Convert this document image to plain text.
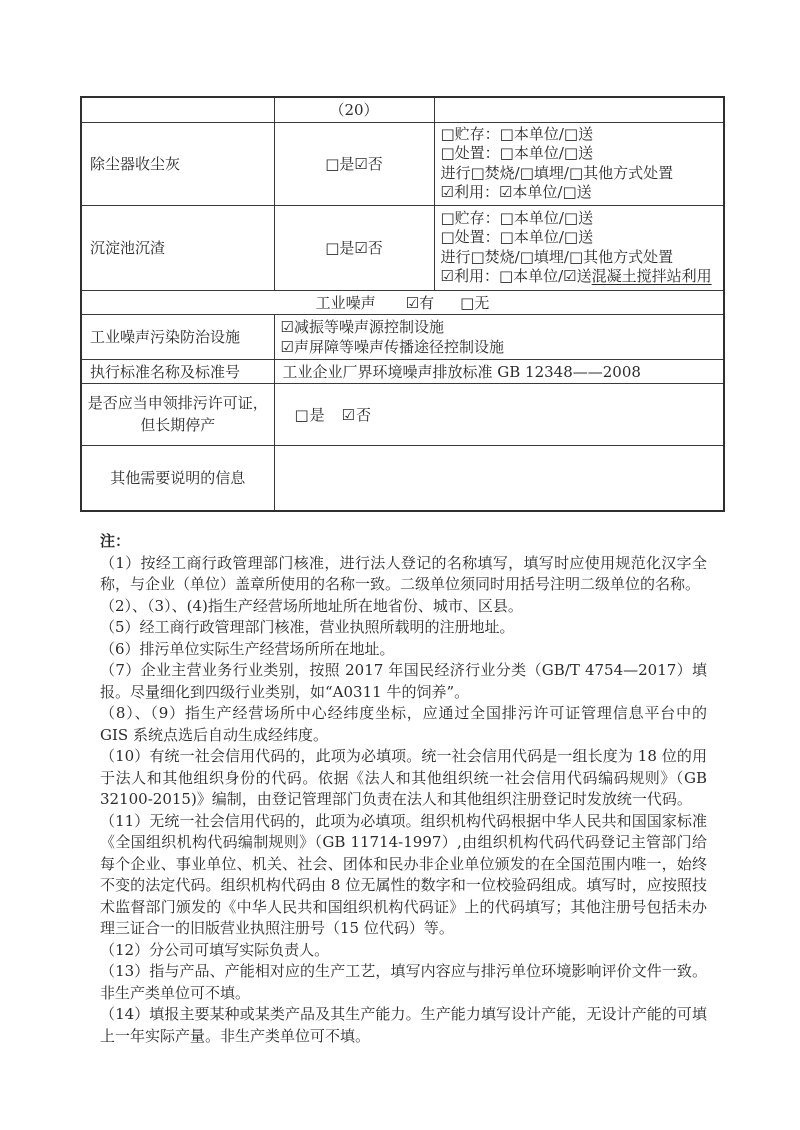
	（20）	
除尘器收尘灰	□是☑否	□贮存：□本单位/□送
□处置：□本单位/□送
进行□焚烧/□填埋/□其他方式处置
☑利用：☑本单位/□送

沉淀池沉渣	□是☑否	□贮存：□本单位/□送
□处置：□本单位/□送
进行□焚烧/□填埋/□其他方式处置
☑利用：□本单位/☑送混凝土搅拌站利用

工业噪声 ☑有 □无		
工业噪声污染防治设施	☑减振等噪声源控制设施
☑声屏障等噪声传播途径控制设施	

执行标准名称及标准号	工业企业厂界环境噪声排放标准 GB 12348——2008	

是否应当申领排污许可证，
但长期停产	□是　☑否	
其他需要说明的信息		

注：

（1）按经工商行政管理部门核准，进行法人登记的名称填写，填写时应使用规范化汉字全称，与企业（单位）盖章所使用的名称一致。二级单位须同时用括号注明二级单位的名称。

（2）、（3）、(4)指生产经营场所地址所在地省份、城市、区县。

（5）经工商行政管理部门核准，营业执照所载明的注册地址。

（6）排污单位实际生产经营场所所在地址。

（7）企业主营业务行业类别，按照 2017 年国民经济行业分类（GB/T 4754—2017）填报。尽量细化到四级行业类别，如“A0311 牛的饲养”。

（8）、（9）指生产经营场所中心经纬度坐标，应通过全国排污许可证管理信息平台中的 GIS 系统点选后自动生成经纬度。

（10）有统一社会信用代码的，此项为必填项。统一社会信用代码是一组长度为 18 位的用于法人和其他组织身份的代码。依据《法人和其他组织统一社会信用代码编码规则》（GB 32100-2015)》编制，由登记管理部门负责在法人和其他组织注册登记时发放统一代码。

（11）无统一社会信用代码的，此项为必填项。组织机构代码根据中华人民共和国国家标准《全国组织机构代码编制规则》（GB 11714-1997）,由组织机构代码代码登记主管部门给每个企业、事业单位、机关、社会、团体和民办非企业单位颁发的在全国范围内唯一，始终不变的法定代码。组织机构代码由 8 位无属性的数字和一位校验码组成。填写时，应按照技术监督部门颁发的《中华人民共和国组织机构代码证》上的代码填写；其他注册号包括未办理三证合一的旧版营业执照注册号（15 位代码）等。

（12）分公司可填写实际负责人。

（13）指与产品、产能相对应的生产工艺，填写内容应与排污单位环境影响评价文件一致。非生产类单位可不填。

（14）填报主要某种或某类产品及其生产能力。生产能力填写设计产能，无设计产能的可填上一年实际产量。非生产类单位可不填。
